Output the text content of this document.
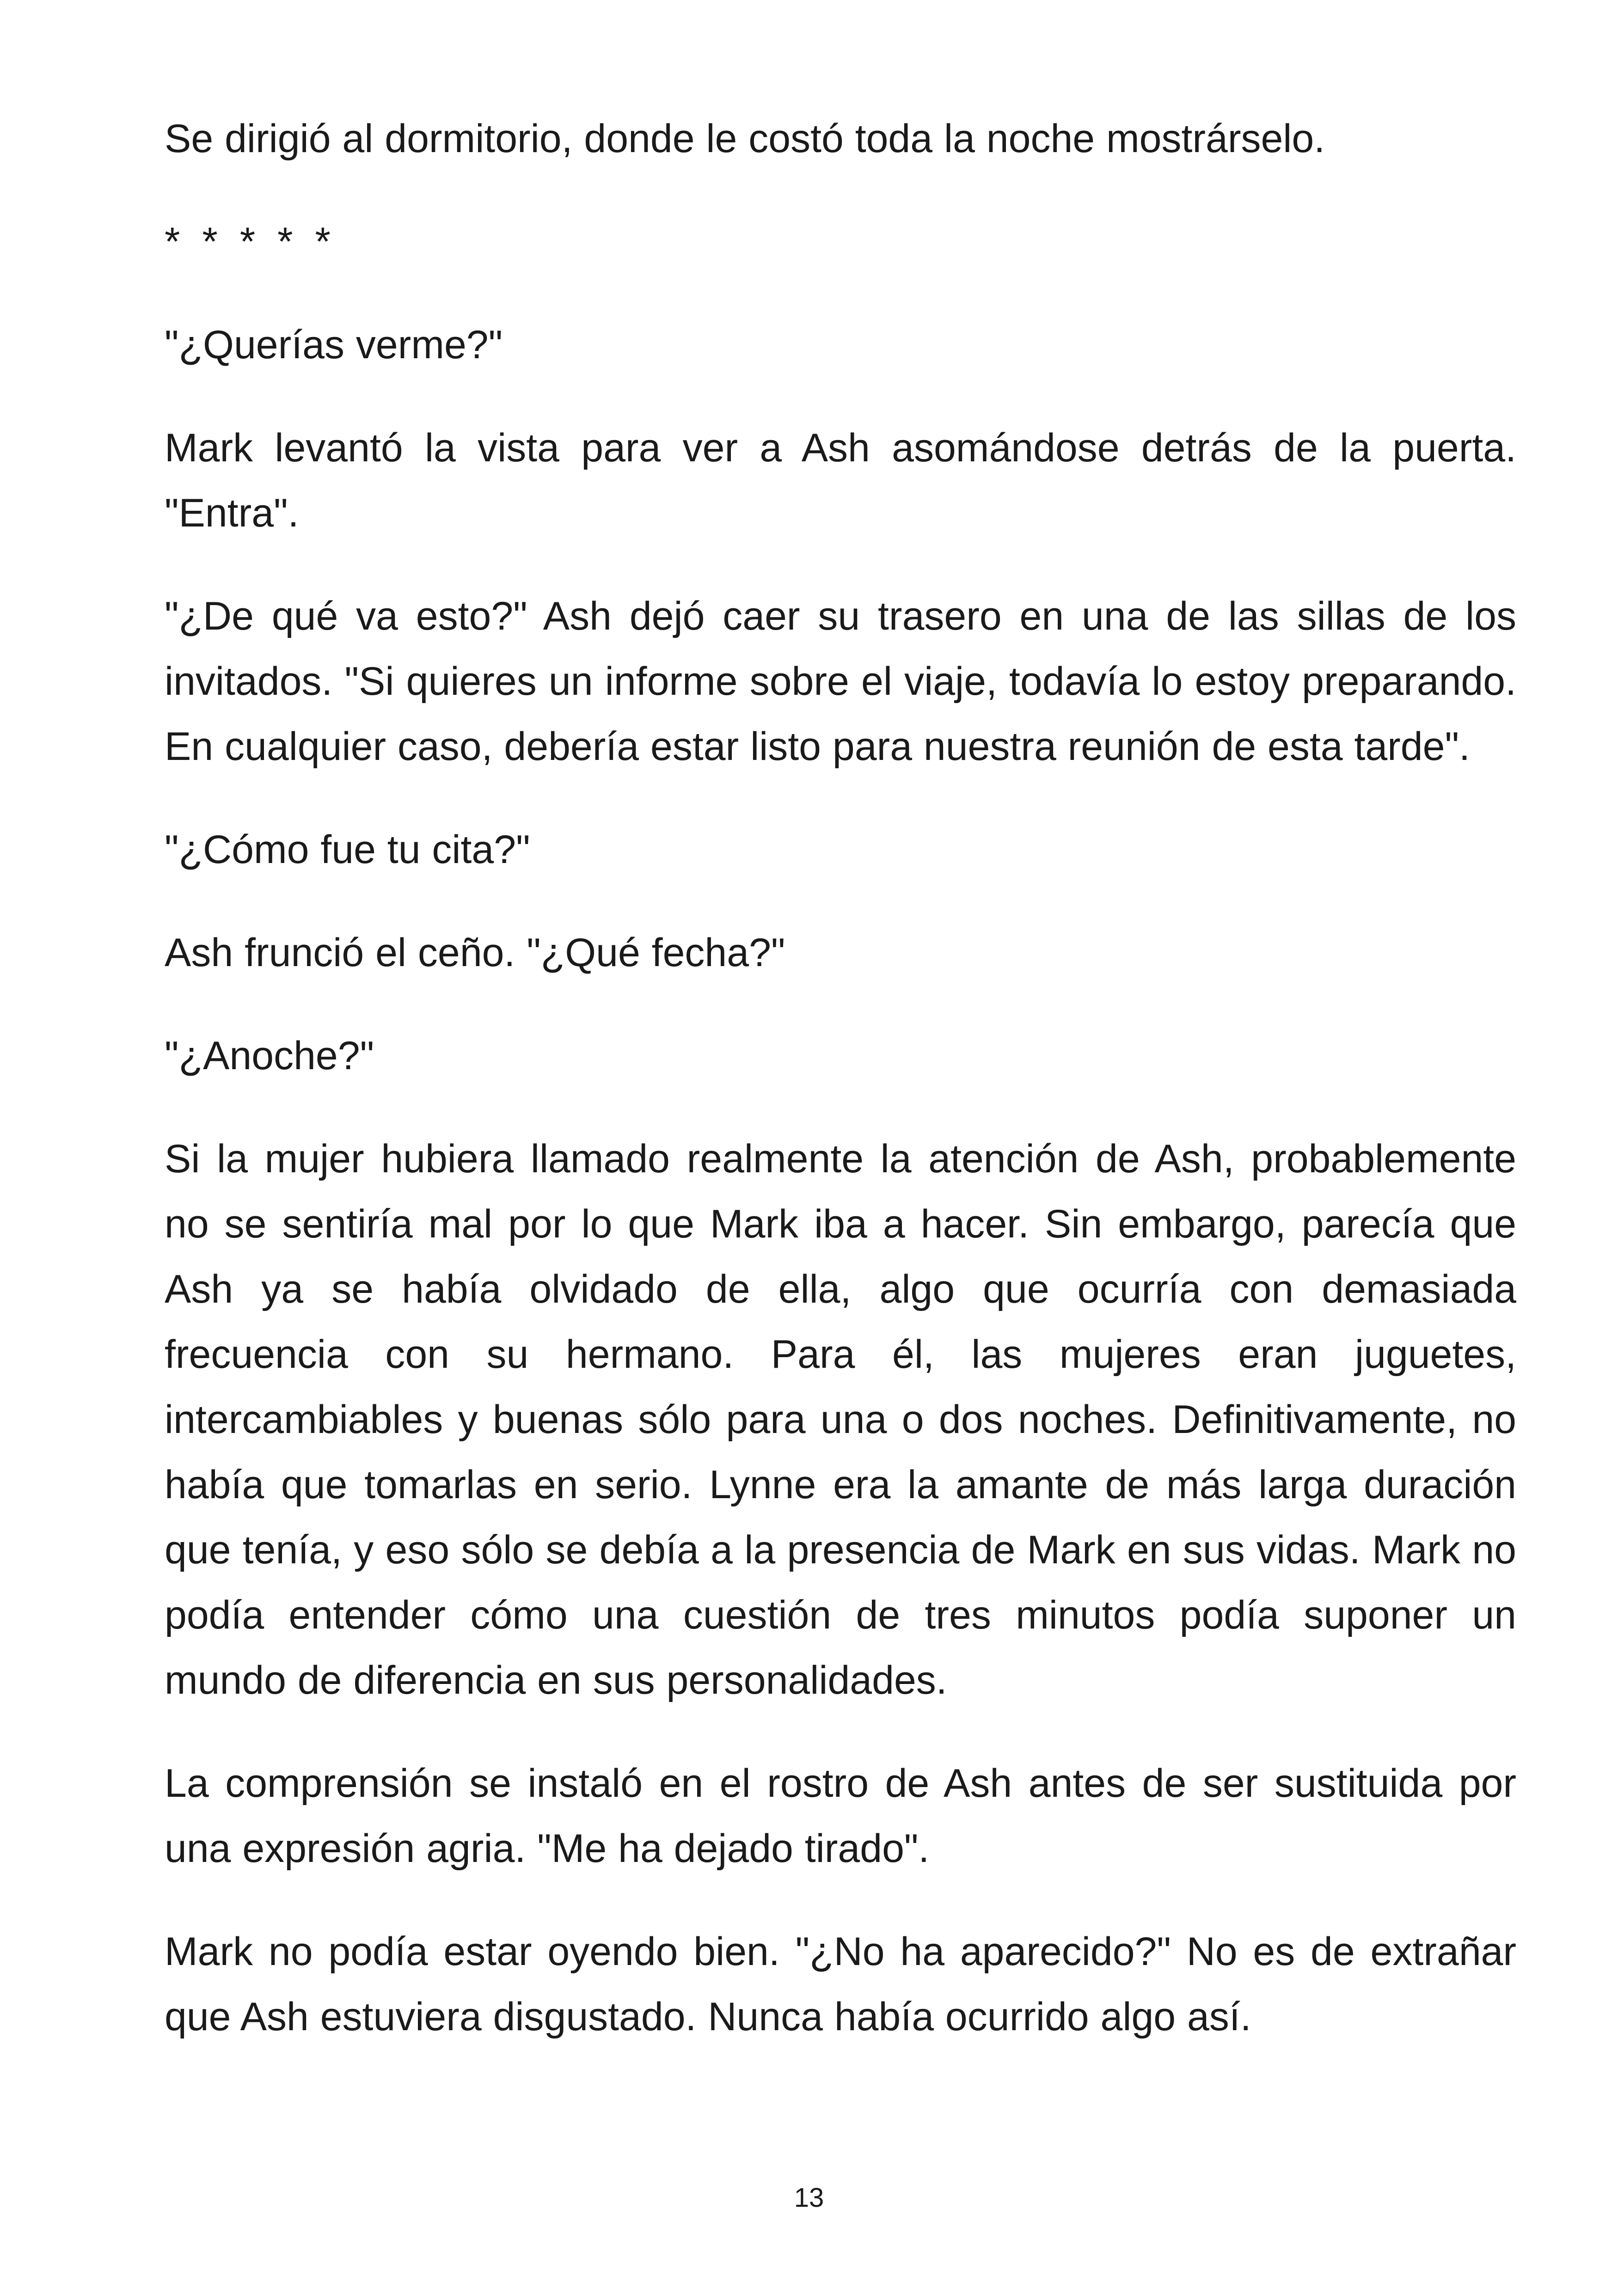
Se dirigió al dormitorio, donde le costó toda la noche mostrárselo.

* * * * *

"¿Querías verme?"

Mark levantó la vista para ver a Ash asomándose detrás de la puerta. "Entra".

"¿De qué va esto?" Ash dejó caer su trasero en una de las sillas de los invitados. "Si quieres un informe sobre el viaje, todavía lo estoy preparando. En cualquier caso, debería estar listo para nuestra reunión de esta tarde".

"¿Cómo fue tu cita?"

Ash frunció el ceño. "¿Qué fecha?"

"¿Anoche?"

Si la mujer hubiera llamado realmente la atención de Ash, probablemente no se sentiría mal por lo que Mark iba a hacer. Sin embargo, parecía que Ash ya se había olvidado de ella, algo que ocurría con demasiada frecuencia con su hermano. Para él, las mujeres eran juguetes, intercambiables y buenas sólo para una o dos noches. Definitivamente, no había que tomarlas en serio. Lynne era la amante de más larga duración que tenía, y eso sólo se debía a la presencia de Mark en sus vidas. Mark no podía entender cómo una cuestión de tres minutos podía suponer un mundo de diferencia en sus personalidades.

La comprensión se instaló en el rostro de Ash antes de ser sustituida por una expresión agria. "Me ha dejado tirado".

Mark no podía estar oyendo bien. "¿No ha aparecido?" No es de extrañar que Ash estuviera disgustado. Nunca había ocurrido algo así.

13
